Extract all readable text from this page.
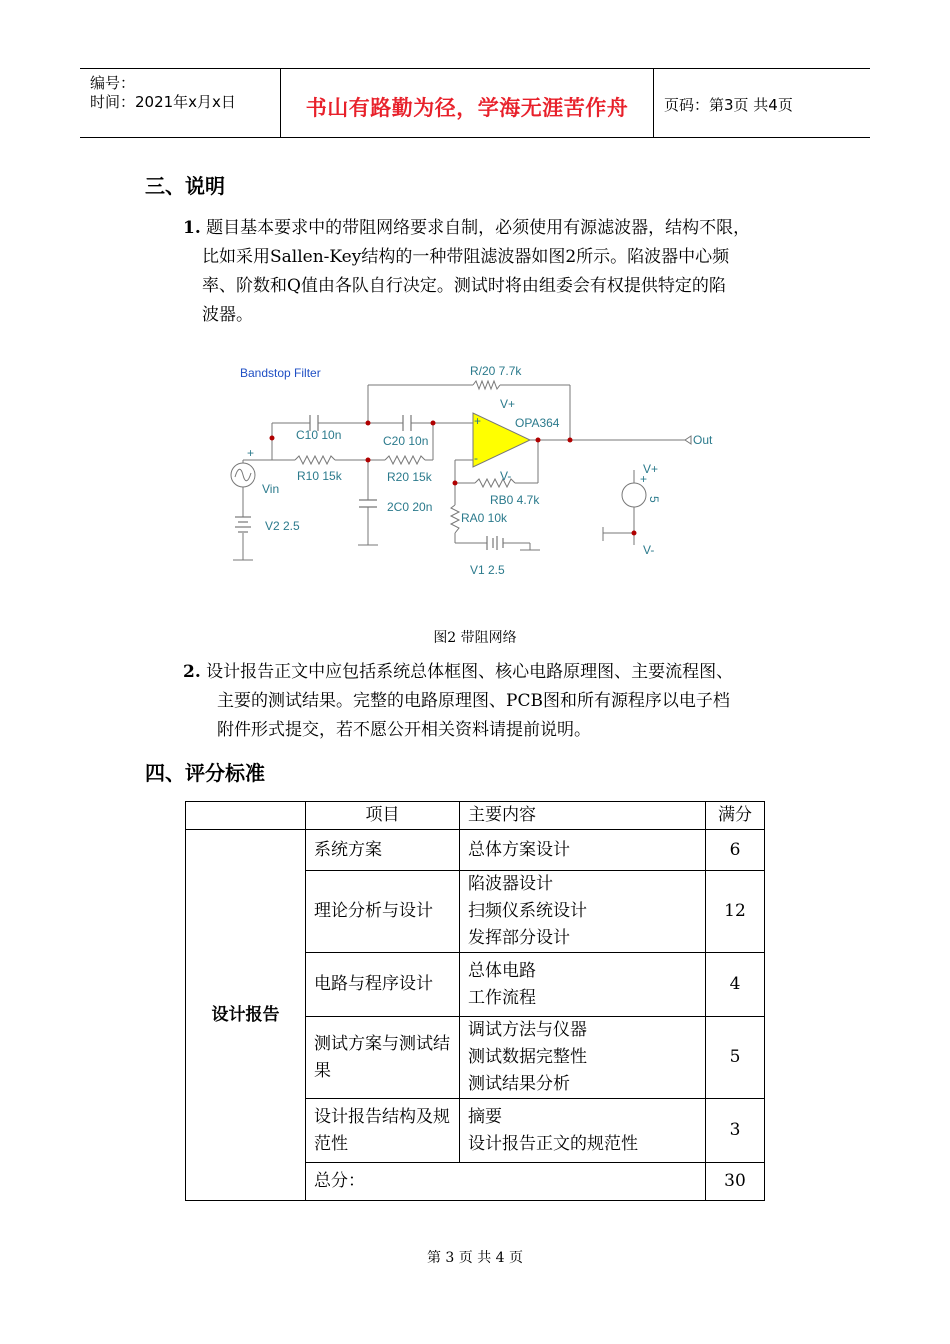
编号：
时间：2021年x月x日	书山有路勤为径，学海无涯苦作舟	页码：第3页 共4页
三、说明
1. 题目基本要求中的带阻网络要求自制，必须使用有源滤波器，结构不限，
比如采用Sallen-Key结构的一种带阻滤波器如图2所示。陷波器中心频
率、阶数和Q值由各队自行决定。测试时将由组委会有权提供特定的陷
波器。
Bandstop Filter	R/20 7.7k
V+
OPA364
C10 10n	C20 10n	Out
R10 15k	R20 15k	V-
Vin
RB0 4.7k	5
V+
V2 2.5
2C0 20n
RA0 10k
V1 2.5
V-
+
+
-
+
图2 带阻网络
2. 设计报告正文中应包括系统总体框图、核心电路原理图、主要流程图、
主要的测试结果。完整的电路原理图、PCB图和所有源程序以电子档
附件形式提交，若不愿公开相关资料请提前说明。
四、评分标准
	项目	主要内容	满分
设计报告	系统方案	总体方案设计	6
	理论分析与设计	陷波器设计
扫频仪系统设计
发挥部分设计	12
	电路与程序设计	总体电路
工作流程	4
	测试方案与测试结果	调试方法与仪器
测试数据完整性
测试结果分析	5
	设计报告结构及规范性	摘要
设计报告正文的规范性	3
	总分：		30
第 3 页 共 4 页
